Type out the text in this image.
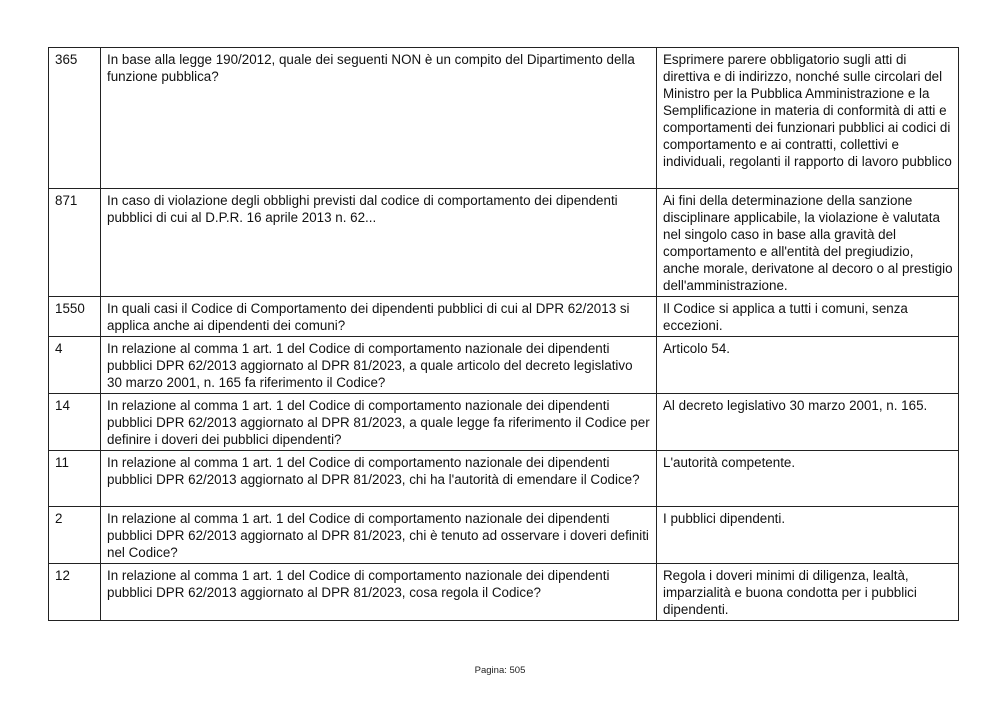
365	In base alla legge 190/2012, quale dei seguenti NON è un compito del Dipartimento della funzione pubblica?	Esprimere parere obbligatorio sugli atti di direttiva e di indirizzo, nonché sulle circolari del Ministro per la Pubblica Amministrazione e la Semplificazione in materia di conformità di atti e comportamenti dei funzionari pubblici ai codici di comportamento e ai contratti, collettivi e individuali, regolanti il rapporto di lavoro pubblico
871	In caso di violazione degli obblighi previsti dal codice di comportamento dei dipendenti pubblici di cui al D.P.R. 16 aprile 2013 n. 62...	Ai fini della determinazione della sanzione disciplinare applicabile, la violazione è valutata nel singolo caso in base alla gravità del comportamento e all'entità del pregiudizio, anche morale, derivatone al decoro o al prestigio dell'amministrazione.
1550	In quali casi il Codice di Comportamento dei dipendenti pubblici di cui al DPR 62/2013 si applica anche ai dipendenti dei comuni?	Il Codice si applica a tutti i comuni, senza eccezioni.
4	In relazione al comma 1 art. 1 del Codice di comportamento nazionale dei dipendenti pubblici DPR 62/2013 aggiornato al DPR 81/2023, a quale articolo del decreto legislativo 30 marzo 2001, n. 165 fa riferimento il Codice?	Articolo 54.
14	In relazione al comma 1 art. 1 del Codice di comportamento nazionale dei dipendenti pubblici DPR 62/2013 aggiornato al DPR 81/2023, a quale legge fa riferimento il Codice per definire i doveri dei pubblici dipendenti?	Al decreto legislativo 30 marzo 2001, n. 165.
11	In relazione al comma 1 art. 1 del Codice di comportamento nazionale dei dipendenti pubblici DPR 62/2013 aggiornato al DPR 81/2023, chi ha l'autorità di emendare il Codice?	L'autorità competente.
2	In relazione al comma 1 art. 1 del Codice di comportamento nazionale dei dipendenti pubblici DPR 62/2013 aggiornato al DPR 81/2023, chi è tenuto ad osservare i doveri definiti nel Codice?	I pubblici dipendenti.
12	In relazione al comma 1 art. 1 del Codice di comportamento nazionale dei dipendenti pubblici DPR 62/2013 aggiornato al DPR 81/2023, cosa regola il Codice?	Regola i doveri minimi di diligenza, lealtà, imparzialità e buona condotta per i pubblici dipendenti.
Pagina: 505
